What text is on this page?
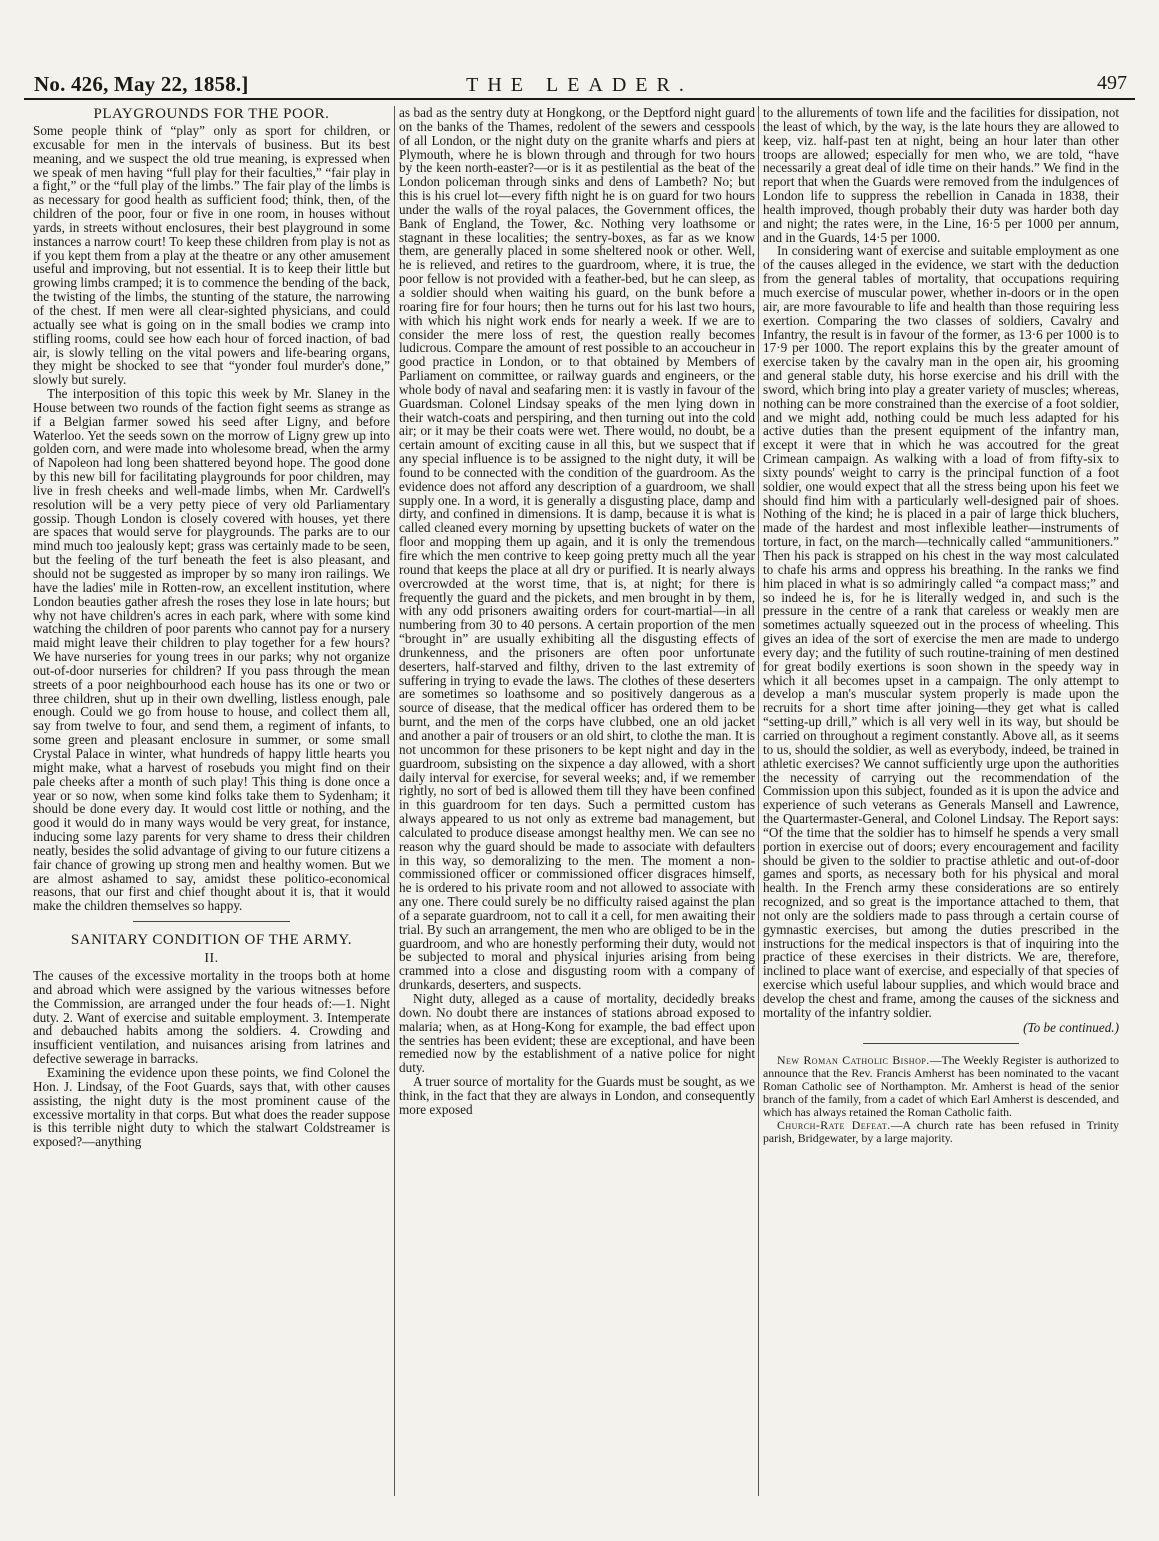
No. 426, May 22, 1858.]	THE LEADER.	497
PLAYGROUNDS FOR THE POOR.

Some people think of “play” only as sport for children, or excusable for men in the intervals of business. But its best meaning, and we suspect the old true meaning, is expressed when we speak of men having “full play for their faculties,” “fair play in a fight,” or the “full play of the limbs.” The fair play of the limbs is as necessary for good health as sufficient food; think, then, of the children of the poor, four or five in one room, in houses without yards, in streets without enclosures, their best playground in some instances a narrow court! To keep these children from play is not as if you kept them from a play at the theatre or any other amusement useful and improving, but not essential. It is to keep their little but growing limbs cramped; it is to commence the bending of the back, the twisting of the limbs, the stunting of the stature, the narrowing of the chest. If men were all clear-sighted physicians, and could actually see what is going on in the small bodies we cramp into stifling rooms, could see how each hour of forced inaction, of bad air, is slowly telling on the vital powers and life-bearing organs, they might be shocked to see that “yonder foul murder's done,” slowly but surely.

The interposition of this topic this week by Mr. Slaney in the House between two rounds of the faction fight seems as strange as if a Belgian farmer sowed his seed after Ligny, and before Waterloo. Yet the seeds sown on the morrow of Ligny grew up into golden corn, and were made into wholesome bread, when the army of Napoleon had long been shattered beyond hope. The good done by this new bill for facilitating playgrounds for poor children, may live in fresh cheeks and well-made limbs, when Mr. Cardwell's resolution will be a very petty piece of very old Parliamentary gossip. Though London is closely covered with houses, yet there are spaces that would serve for playgrounds. The parks are to our mind much too jealously kept; grass was certainly made to be seen, but the feeling of the turf beneath the feet is also pleasant, and should not be suggested as improper by so many iron railings. We have the ladies' mile in Rotten-row, an excellent institution, where London beauties gather afresh the roses they lose in late hours; but why not have children's acres in each park, where with some kind watching the children of poor parents who cannot pay for a nursery maid might leave their children to play together for a few hours? We have nurseries for young trees in our parks; why not organize out-of-door nurseries for children? If you pass through the mean streets of a poor neighbourhood each house has its one or two or three children, shut up in their own dwelling, listless enough, pale enough. Could we go from house to house, and collect them all, say from twelve to four, and send them, a regiment of infants, to some green and pleasant enclosure in summer, or some small Crystal Palace in winter, what hundreds of happy little hearts you might make, what a harvest of rosebuds you might find on their pale cheeks after a month of such play! This thing is done once a year or so now, when some kind folks take them to Sydenham; it should be done every day. It would cost little or nothing, and the good it would do in many ways would be very great, for instance, inducing some lazy parents for very shame to dress their children neatly, besides the solid advantage of giving to our future citizens a fair chance of growing up strong men and healthy women. But we are almost ashamed to say, amidst these politico-economical reasons, that our first and chief thought about it is, that it would make the children themselves so happy.

SANITARY CONDITION OF THE ARMY.
II.

The causes of the excessive mortality in the troops both at home and abroad which were assigned by the various witnesses before the Commission, are arranged under the four heads of:—1. Night duty. 2. Want of exercise and suitable employment. 3. Intemperate and debauched habits among the soldiers. 4. Crowding and insufficient ventilation, and nuisances arising from latrines and defective sewerage in barracks.

Examining the evidence upon these points, we find Colonel the Hon. J. Lindsay, of the Foot Guards, says that, with other causes assisting, the night duty is the most prominent cause of the excessive mortality in that corps. But what does the reader suppose is this terrible night duty to which the stalwart Coldstreamer is exposed?—anything

as bad as the sentry duty at Hongkong, or the Deptford night guard on the banks of the Thames, redolent of the sewers and cesspools of all London, or the night duty on the granite wharfs and piers at Plymouth, where he is blown through and through for two hours by the keen north-easter?—or is it as pestilential as the beat of the London policeman through sinks and dens of Lambeth? No; but this is his cruel lot—every fifth night he is on guard for two hours under the walls of the royal palaces, the Government offices, the Bank of England, the Tower, &c. Nothing very loathsome or stagnant in these localities; the sentry-boxes, as far as we know them, are generally placed in some sheltered nook or other. Well, he is relieved, and retires to the guardroom, where, it is true, the poor fellow is not provided with a feather-bed, but he can sleep, as a soldier should when waiting his guard, on the bunk before a roaring fire for four hours; then he turns out for his last two hours, with which his night work ends for nearly a week. If we are to consider the mere loss of rest, the question really becomes ludicrous. Compare the amount of rest possible to an accoucheur in good practice in London, or to that obtained by Members of Parliament on committee, or railway guards and engineers, or the whole body of naval and seafaring men: it is vastly in favour of the Guardsman. Colonel Lindsay speaks of the men lying down in their watch-coats and perspiring, and then turning out into the cold air; or it may be their coats were wet. There would, no doubt, be a certain amount of exciting cause in all this, but we suspect that if any special influence is to be assigned to the night duty, it will be found to be connected with the condition of the guardroom. As the evidence does not afford any description of a guardroom, we shall supply one. In a word, it is generally a disgusting place, damp and dirty, and confined in dimensions. It is damp, because it is what is called cleaned every morning by upsetting buckets of water on the floor and mopping them up again, and it is only the tremendous fire which the men contrive to keep going pretty much all the year round that keeps the place at all dry or purified. It is nearly always overcrowded at the worst time, that is, at night; for there is frequently the guard and the pickets, and men brought in by them, with any odd prisoners awaiting orders for court-martial—in all numbering from 30 to 40 persons. A certain proportion of the men “brought in” are usually exhibiting all the disgusting effects of drunkenness, and the prisoners are often poor unfortunate deserters, half-starved and filthy, driven to the last extremity of suffering in trying to evade the laws. The clothes of these deserters are sometimes so loathsome and so positively dangerous as a source of disease, that the medical officer has ordered them to be burnt, and the men of the corps have clubbed, one an old jacket and another a pair of trousers or an old shirt, to clothe the man. It is not uncommon for these prisoners to be kept night and day in the guardroom, subsisting on the sixpence a day allowed, with a short daily interval for exercise, for several weeks; and, if we remember rightly, no sort of bed is allowed them till they have been confined in this guardroom for ten days. Such a permitted custom has always appeared to us not only as extreme bad management, but calculated to produce disease amongst healthy men. We can see no reason why the guard should be made to associate with defaulters in this way, so demoralizing to the men. The moment a non-commissioned officer or commissioned officer disgraces himself, he is ordered to his private room and not allowed to associate with any one. There could surely be no difficulty raised against the plan of a separate guardroom, not to call it a cell, for men awaiting their trial. By such an arrangement, the men who are obliged to be in the guardroom, and who are honestly performing their duty, would not be subjected to moral and physical injuries arising from being crammed into a close and disgusting room with a company of drunkards, deserters, and suspects.

Night duty, alleged as a cause of mortality, decidedly breaks down. No doubt there are instances of stations abroad exposed to malaria; when, as at Hong-Kong for example, the bad effect upon the sentries has been evident; these are exceptional, and have been remedied now by the establishment of a native police for night duty.

A truer source of mortality for the Guards must be sought, as we think, in the fact that they are always in London, and consequently more exposed

to the allurements of town life and the facilities for dissipation, not the least of which, by the way, is the late hours they are allowed to keep, viz. half-past ten at night, being an hour later than other troops are allowed; especially for men who, we are told, “have necessarily a great deal of idle time on their hands.” We find in the report that when the Guards were removed from the indulgences of London life to suppress the rebellion in Canada in 1838, their health improved, though probably their duty was harder both day and night; the rates were, in the Line, 16·5 per 1000 per annum, and in the Guards, 14·5 per 1000.

In considering want of exercise and suitable employment as one of the causes alleged in the evidence, we start with the deduction from the general tables of mortality, that occupations requiring much exercise of muscular power, whether in-doors or in the open air, are more favourable to life and health than those requiring less exertion. Comparing the two classes of soldiers, Cavalry and Infantry, the result is in favour of the former, as 13·6 per 1000 is to 17·9 per 1000. The report explains this by the greater amount of exercise taken by the cavalry man in the open air, his grooming and general stable duty, his horse exercise and his drill with the sword, which bring into play a greater variety of muscles; whereas, nothing can be more constrained than the exercise of a foot soldier, and we might add, nothing could be much less adapted for his active duties than the present equipment of the infantry man, except it were that in which he was accoutred for the great Crimean campaign. As walking with a load of from fifty-six to sixty pounds' weight to carry is the principal function of a foot soldier, one would expect that all the stress being upon his feet we should find him with a particularly well-designed pair of shoes. Nothing of the kind; he is placed in a pair of large thick bluchers, made of the hardest and most inflexible leather—instruments of torture, in fact, on the march—technically called “ammunitioners.” Then his pack is strapped on his chest in the way most calculated to chafe his arms and oppress his breathing. In the ranks we find him placed in what is so admiringly called “a compact mass;” and so indeed he is, for he is literally wedged in, and such is the pressure in the centre of a rank that careless or weakly men are sometimes actually squeezed out in the process of wheeling. This gives an idea of the sort of exercise the men are made to undergo every day; and the futility of such routine-training of men destined for great bodily exertions is soon shown in the speedy way in which it all becomes upset in a campaign. The only attempt to develop a man's muscular system properly is made upon the recruits for a short time after joining—they get what is called “setting-up drill,” which is all very well in its way, but should be carried on throughout a regiment constantly. Above all, as it seems to us, should the soldier, as well as everybody, indeed, be trained in athletic exercises? We cannot sufficiently urge upon the authorities the necessity of carrying out the recommendation of the Commission upon this subject, founded as it is upon the advice and experience of such veterans as Generals Mansell and Lawrence, the Quartermaster-General, and Colonel Lindsay. The Report says: “Of the time that the soldier has to himself he spends a very small portion in exercise out of doors; every encouragement and facility should be given to the soldier to practise athletic and out-of-door games and sports, as necessary both for his physical and moral health. In the French army these considerations are so entirely recognized, and so great is the importance attached to them, that not only are the soldiers made to pass through a certain course of gymnastic exercises, but among the duties prescribed in the instructions for the medical inspectors is that of inquiring into the practice of these exercises in their districts. We are, therefore, inclined to place want of exercise, and especially of that species of exercise which useful labour supplies, and which would brace and develop the chest and frame, among the causes of the sickness and mortality of the infantry soldier.

(To be continued.)

New Roman Catholic Bishop.—The Weekly Register is authorized to announce that the Rev. Francis Amherst has been nominated to the vacant Roman Catholic see of Northampton. Mr. Amherst is head of the senior branch of the family, from a cadet of which Earl Amherst is descended, and which has always retained the Roman Catholic faith.

Church-Rate Defeat.—A church rate has been refused in Trinity parish, Bridgewater, by a large majority.
